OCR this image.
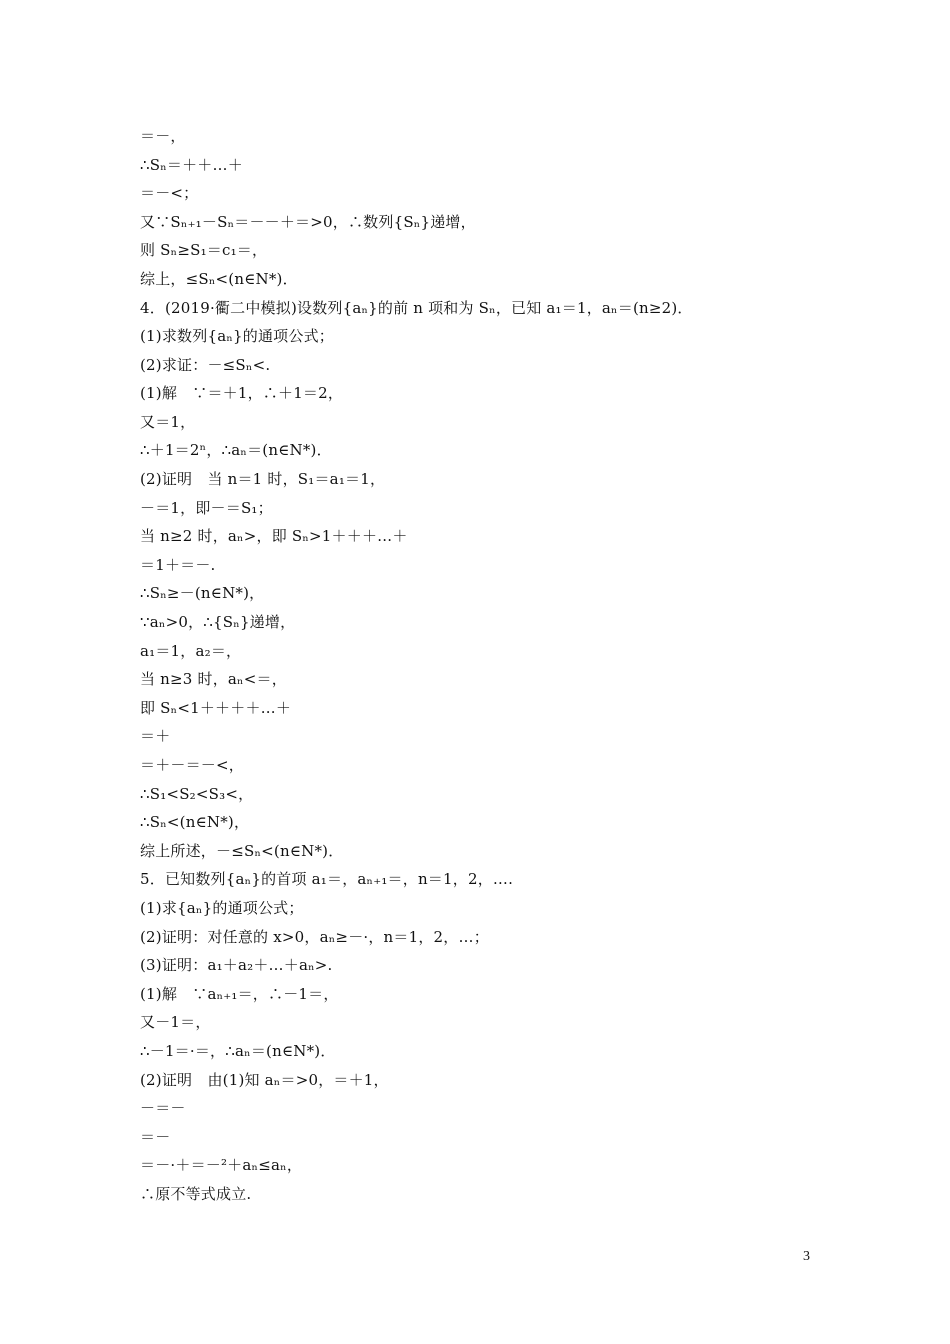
＝－，
∴Sₙ＝＋＋…＋
＝－<；
又∵Sₙ₊₁－Sₙ＝－－＋＝>0，∴数列{Sₙ}递增，
则 Sₙ≥S₁＝c₁＝，
综上，≤Sₙ<(n∈N*)．
4．(2019·衢二中模拟)设数列{aₙ}的前 n 项和为 Sₙ，已知 a₁＝1，aₙ＝(n≥2)．
(1)求数列{aₙ}的通项公式；
(2)求证：－≤Sₙ<.
(1)解　∵＝＋1，∴＋1＝2，
又＝1，
∴＋1＝2ⁿ，∴aₙ＝(n∈N*)．
(2)证明　当 n＝1 时，S₁＝a₁＝1，
－＝1，即－＝S₁；
当 n≥2 时，aₙ>，即 Sₙ>1＋＋＋…＋
＝1＋＝－.
∴Sₙ≥－(n∈N*)，
∵aₙ>0，∴{Sₙ}递增，
a₁＝1，a₂＝，
当 n≥3 时，aₙ<＝，
即 Sₙ<1＋＋＋＋…＋
＝＋
＝＋－＝－<，
∴S₁<S₂<S₃<，
∴Sₙ<(n∈N*)，
综上所述，－≤Sₙ<(n∈N*)．
5．已知数列{aₙ}的首项 a₁＝，aₙ₊₁＝，n＝1，2，….
(1)求{aₙ}的通项公式；
(2)证明：对任意的 x>0，aₙ≥－·，n＝1，2，…；
(3)证明：a₁＋a₂＋…＋aₙ>.
(1)解　∵aₙ₊₁＝，∴－1＝，
又－1＝，
∴－1＝·＝，∴aₙ＝(n∈N*)．
(2)证明　由(1)知 aₙ＝>0，＝＋1，
－＝－
＝－
＝－·＋＝－²＋aₙ≤aₙ，
∴原不等式成立.
3
